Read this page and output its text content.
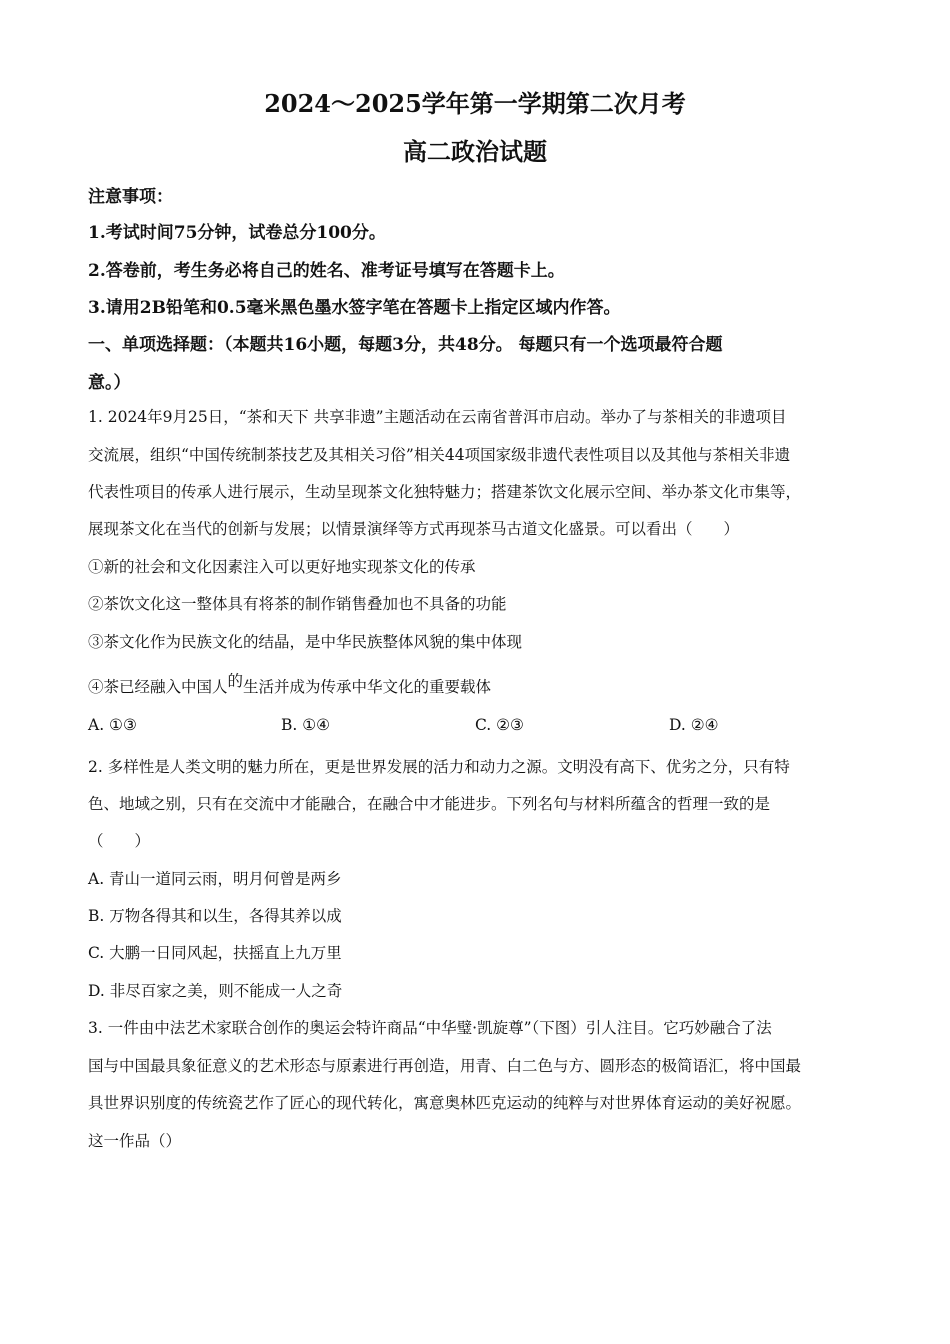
2024～2025学年第一学期第二次月考
高二政治试题
注意事项：
1.考试时间75分钟，试卷总分100分。
2.答卷前，考生务必将自己的姓名、准考证号填写在答题卡上。
3.请用2B铅笔和0.5毫米黑色墨水签字笔在答题卡上指定区域内作答。
一、单项选择题：（本题共16小题，每题3分，共48分。 每题只有一个选项最符合题
意。）
1. 2024年9月25日，“茶和天下 共享非遗”主题活动在云南省普洱市启动。举办了与茶相关的非遗项目
交流展，组织“中国传统制茶技艺及其相关习俗”相关44项国家级非遗代表性项目以及其他与茶相关非遗
代表性项目的传承人进行展示，生动呈现茶文化独特魅力；搭建茶饮文化展示空间、举办茶文化市集等，
展现茶文化在当代的创新与发展；以情景演绎等方式再现茶马古道文化盛景。可以看出（　　）
①新的社会和文化因素注入可以更好地实现茶文化的传承
②茶饮文化这一整体具有将茶的制作销售叠加也不具备的功能
③茶文化作为民族文化的结晶，是中华民族整体风貌的集中体现
④茶已经融入中国人的生活并成为传承中华文化的重要载体
A. ①③	B. ①④	C. ②③	D. ②④
2. 多样性是人类文明的魅力所在，更是世界发展的活力和动力之源。文明没有高下、优劣之分，只有特
色、地域之别，只有在交流中才能融合，在融合中才能进步。下列名句与材料所蕴含的哲理一致的是
（　　）
A. 青山一道同云雨，明月何曾是两乡
B. 万物各得其和以生，各得其养以成
C. 大鹏一日同风起，扶摇直上九万里
D. 非尽百家之美，则不能成一人之奇
3. 一件由中法艺术家联合创作的奥运会特许商品“中华璧·凯旋尊”（下图）引人注目。它巧妙融合了法
国与中国最具象征意义的艺术形态与原素进行再创造，用青、白二色与方、圆形态的极简语汇，将中国最
具世界识别度的传统瓷艺作了匠心的现代转化，寓意奥林匹克运动的纯粹与对世界体育运动的美好祝愿。
这一作品（）
